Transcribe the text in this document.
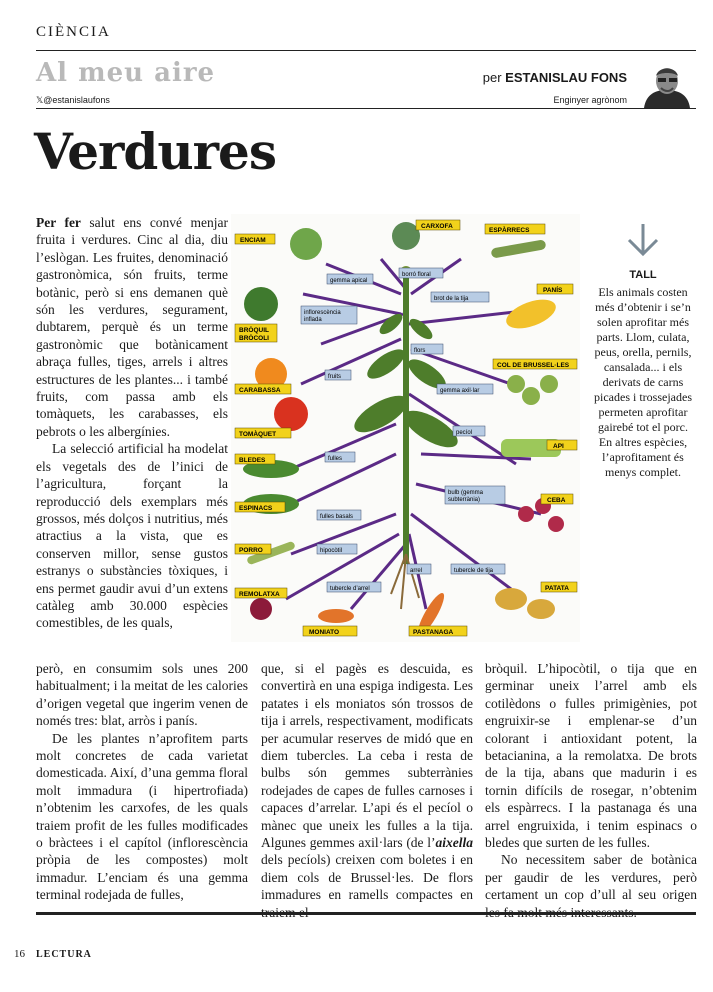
CIÈNCIA
Al meu aire
𝕏@estanislaufons
per ESTANISLAU FONS
Enginyer agrònom
Verdures

Per fer salut ens convé menjar fruita i verdures. Cinc al dia, diu l’eslògan. Les fruites, denominació gastronòmica, són fruits, terme botànic, però si ens demanen què són les verdures, segurament, dubtarem, perquè és un terme gastronòmic que botànicament abraça fulles, tiges, arrels i altres estructures de les plantes... i també fruits, com passa amb els tomàquets, les carabasses, els pebrots o les albergínies.

La selecció artificial ha modelat els vegetals des de l’inici de l’agricultura, forçant la reproducció dels exemplars més grossos, més dolços i nutritius, més atractius a la vista, que es conserven millor, sense gustos estranys o substàncies tòxiques, i ens permet gaudir avui d’un extens catàleg amb 30.000 espècies comestibles, de les quals,

ENCIAM
CARXOFA
ESPÀRRECS
PANÍS
BRÒQUIL
BRÒCOLI
CARABASSA
TOMÀQUET
COL DE BRUSSEL·LES
API
BLEDES
ESPINACS
CEBA
PORRO
REMOLATXA
PATATA
MONIATO	PASTANAGA
gemma apical
borró floral
brot de la tija
inflorescència
inflada
flors
fruits
gemma axil·lar
pecíol
fulles
bulb (gemma
subterrània)
fulles basals
hipocòtil
arrel	tubercle de tija
tubercle d’arrel
TALL
Els animals costen més d’obtenir i se’n solen aprofitar més parts. Llom, culata, peus, orella, pernils, cansalada... i els derivats de carns picades i trossejades permeten aprofitar gairebé tot el porc. En altres espècies, l’aprofitament és menys complet.

però, en consumim sols unes 200 habitualment; i la meitat de les calories d’origen vegetal que ingerim venen de només tres: blat, arròs i panís.

De les plantes n’aprofitem parts molt concretes de cada varietat domesticada. Així, d’una gemma floral molt immadura (i hipertrofiada) n’obtenim les carxofes, de les quals traiem profit de les fulles modificades o bràctees i el capítol (inflorescència pròpia de les compostes) molt immadur. L’enciam és una gemma terminal rodejada de fulles,

que, si el pagès es descuida, es convertirà en una espiga indigesta. Les patates i els moniatos són trossos de tija i arrels, respectivament, modificats per acumular reserves de midó que en diem tubercles. La ceba i resta de bulbs són gemmes subterrànies rodejades de capes de fulles carnoses i capaces d’arrelar. L’api és el pecíol o mànec que uneix les fulles a la tija. Algunes gemmes axil·lars (de l’aixella dels pecíols) creixen com boletes i en diem cols de Brussel·les. De flors immadures en ramells compactes en

bròquil. L’hipocòtil, o tija que en germinar uneix l’arrel amb els cotilèdons o fulles primigènies, pot engruixir-se i emplenar-se d’un colorant i antioxidant potent, la betacianina, a la remolatxa. De brots de la tija, abans que madurin i es tornin difícils de rosegar, n’obtenim els espàrrecs. I la pastanaga és una arrel engruixida, i tenim espinacs o bledes que surten de les fulles.

No necessitem saber de botànica per gaudir de les verdures, però certament un cop d’ull al seu origen

16 LECTURA
